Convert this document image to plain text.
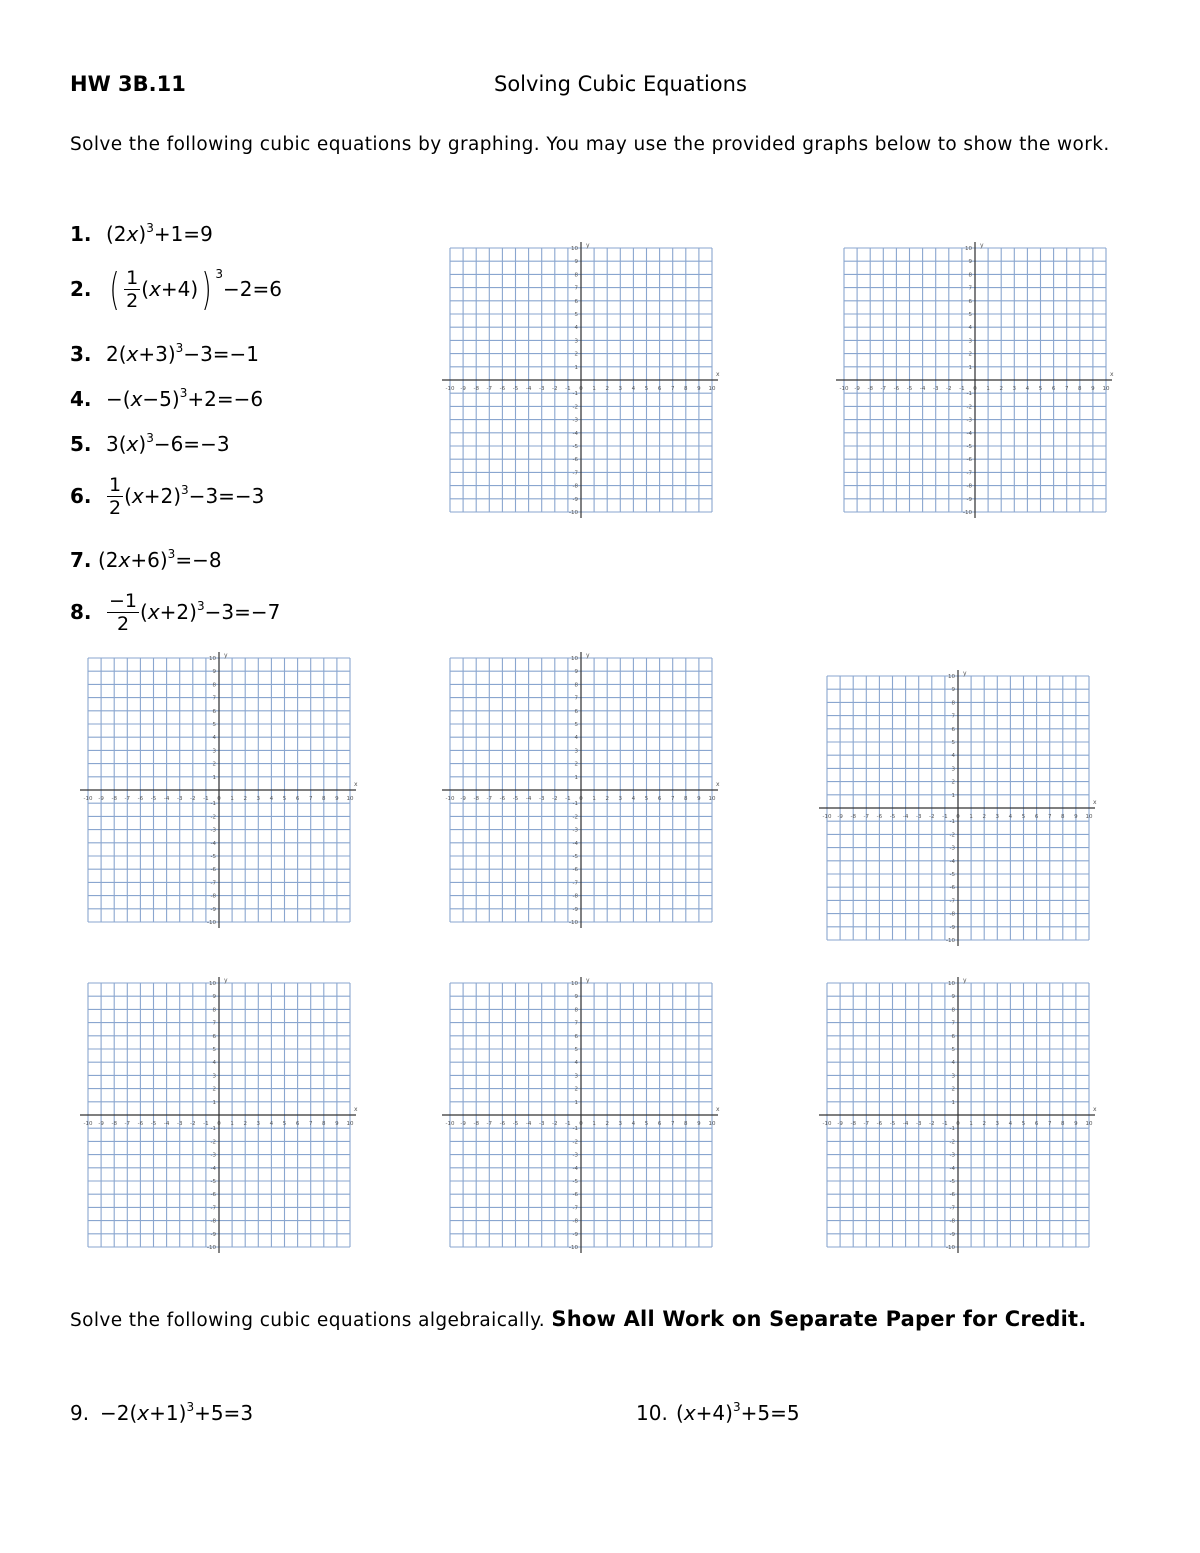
HW 3B.11	Solving Cubic Equations
Solve the following cubic equations by graphing. You may use the provided graphs below to show the work.
1. $(2x)^3+1=9$
2. ( $\frac{1}{2} (x+4)$) $^3$−2=6
3. $2(x+3)^3-3=-1$
4. $-(x-5)^3+2=-6$
5. $3(x)^3-6=-3$
6. $\frac{1}{2} (x+2)^3-3=-3$
7. $(2x+6)^3=-8$
8. $\frac{-1}{2} (x+2)^3-3=-7$
x
y
-10 -9 -8 -7 -6 -5 -4 -3 -2 -1 0 1 2 3 4 5 6 7 8 9 10
10
9
8
7
6
5
4
3
2
1
-1
-2
-3
-4
-5
-6
-7
-8
-9
-10
x
y
-10 -9 -8 -7 -6 -5 -4 -3 -2 -1 0 1 2 3 4 5 6 7 8 9 10
10
9
8
7
6
5
4
3
2
1
-1
-2
-3
-4
-5
-6
-7
-8
-9
-10
x
y
-10 -9 -8 -7 -6 -5 -4 -3 -2 -1 0 1 2 3 4 5 6 7 8 9 10
10
9
8
7
6
5
4
3
2
1
-1
-2
-3
-4
-5
-6
-7
-8
-9
-10
x
y
-10 -9 -8 -7 -6 -5 -4 -3 -2 -1 0 1 2 3 4 5 6 7 8 9 10
10
9
8
7
6
5
4
3
2
1
-1
-2
-3
-4
-5
-6
-7
-8
-9
-10
x
y
-10 -9 -8 -7 -6 -5 -4 -3 -2 -1 0 1 2 3 4 5 6 7 8 9 10
10
9
8
7
6
5
4
3
2
1
-1
-2
-3
-4
-5
-6
-7
-8
-9
-10
x
y
-10 -9 -8 -7 -6 -5 -4 -3 -2 -1 0 1 2 3 4 5 6 7 8 9 10
10
9
8
7
6
5
4
3
2
1
-1
-2
-3
-4
-5
-6
-7
-8
-9
-10
x
y
-10 -9 -8 -7 -6 -5 -4 -3 -2 -1 0 1 2 3 4 5 6 7 8 9 10
10
9
8
7
6
5
4
3
2
1
-1
-2
-3
-4
-5
-6
-7
-8
-9
-10
x
y
-10 -9 -8 -7 -6 -5 -4 -3 -2 -1 0 1 2 3 4 5 6 7 8 9 10
10
9
8
7
6
5
4
3
2
1
-1
-2
-3
-4
-5
-6
-7
-8
-9
-10
Solve the following cubic equations algebraically. Show All Work on Separate Paper for Credit.
9. $-2(x+1)^3+5=3$	10. $(x+4)^3+5=5$
